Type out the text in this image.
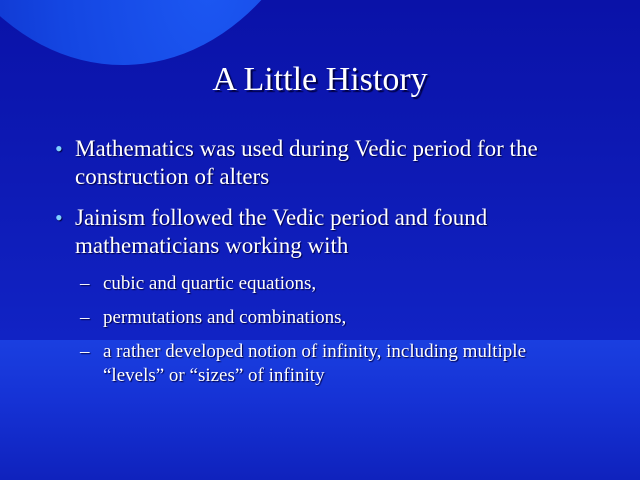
A Little History
• Mathematics was used during Vedic period for the construction of alters
• Jainism followed the Vedic period and found mathematicians working with
– cubic and quartic equations,
– permutations and combinations,
– a rather developed notion of infinity, including multiple “levels” or “sizes” of infinity
